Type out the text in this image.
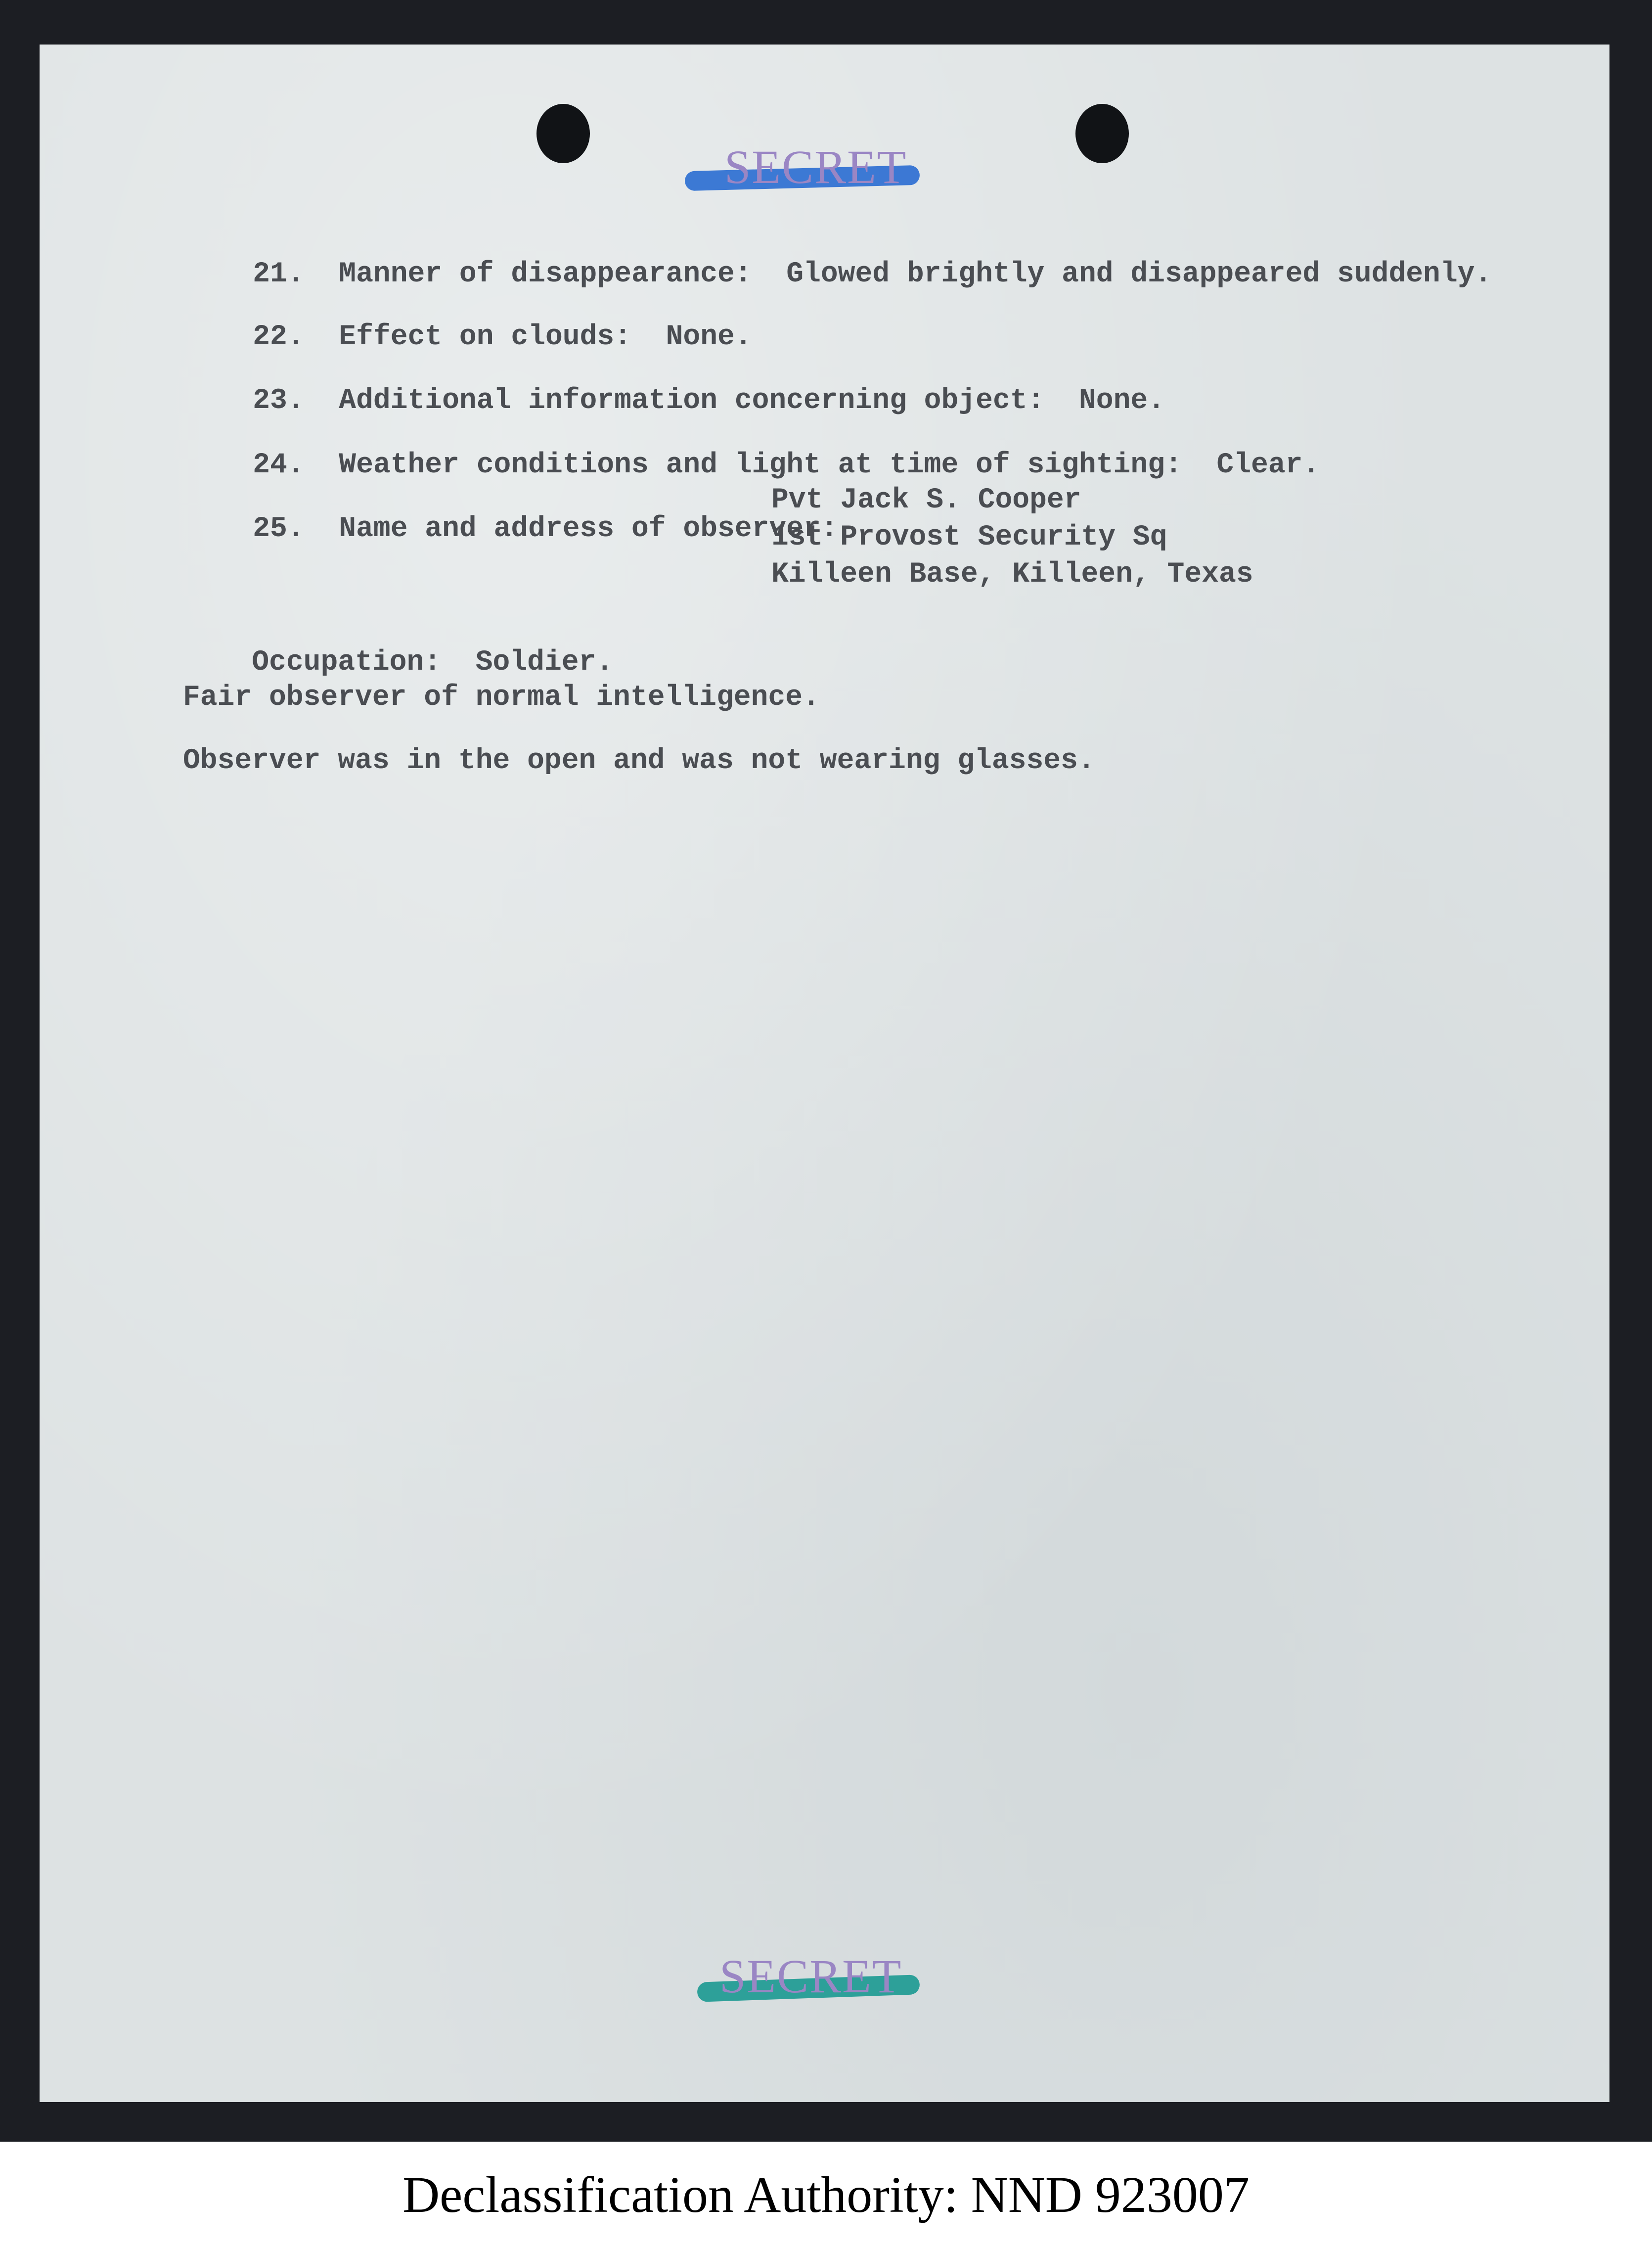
SECRET

21. Manner of disappearance: Glowed brightly and disappeared suddenly.

22. Effect on clouds: None.

23. Additional information concerning object: None.

24. Weather conditions and light at time of sighting: Clear.

25. Name and address of observer:

Pvt Jack S. Cooper
1st Provost Security Sq
Killeen Base, Killeen, Texas

Occupation: Soldier.

Fair observer of normal intelligence.
Observer was in the open and was not wearing glasses.
SECRET
Declassification Authority: NND 923007
